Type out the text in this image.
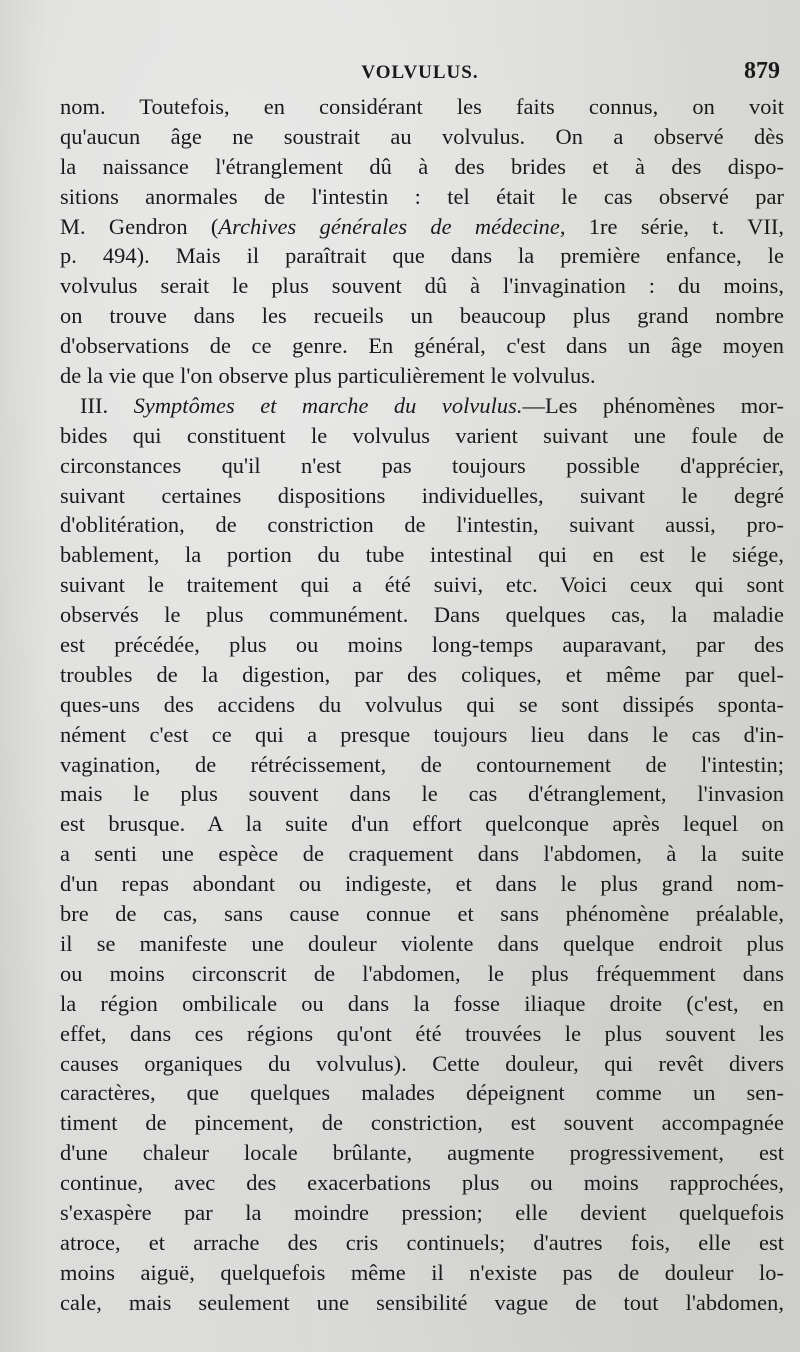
VOLVULUS.	879
nom. Toutefois, en considérant les faits connus, on voit
qu'aucun âge ne soustrait au volvulus. On a observé dès
la naissance l'étranglement dû à des brides et à des dispo-
sitions anormales de l'intestin : tel était le cas observé par
M. Gendron (Archives générales de médecine, 1re série, t. VII,
p. 494). Mais il paraîtrait que dans la première enfance, le
volvulus serait le plus souvent dû à l'invagination : du moins,
on trouve dans les recueils un beaucoup plus grand nombre
d'observations de ce genre. En général, c'est dans un âge moyen
de la vie que l'on observe plus particulièrement le volvulus.
III. Symptômes et marche du volvulus.—Les phénomènes mor-
bides qui constituent le volvulus varient suivant une foule de
circonstances qu'il n'est pas toujours possible d'apprécier,
suivant certaines dispositions individuelles, suivant le degré
d'oblitération, de constriction de l'intestin, suivant aussi, pro-
bablement, la portion du tube intestinal qui en est le siége,
suivant le traitement qui a été suivi, etc. Voici ceux qui sont
observés le plus communément. Dans quelques cas, la maladie
est précédée, plus ou moins long-temps auparavant, par des
troubles de la digestion, par des coliques, et même par quel-
ques-uns des accidens du volvulus qui se sont dissipés sponta-
nément c'est ce qui a presque toujours lieu dans le cas d'in-
vagination, de rétrécissement, de contournement de l'intestin;
mais le plus souvent dans le cas d'étranglement, l'invasion
est brusque. A la suite d'un effort quelconque après lequel on
a senti une espèce de craquement dans l'abdomen, à la suite
d'un repas abondant ou indigeste, et dans le plus grand nom-
bre de cas, sans cause connue et sans phénomène préalable,
il se manifeste une douleur violente dans quelque endroit plus
ou moins circonscrit de l'abdomen, le plus fréquemment dans
la région ombilicale ou dans la fosse iliaque droite (c'est, en
effet, dans ces régions qu'ont été trouvées le plus souvent les
causes organiques du volvulus). Cette douleur, qui revêt divers
caractères, que quelques malades dépeignent comme un sen-
timent de pincement, de constriction, est souvent accompagnée
d'une chaleur locale brûlante, augmente progressivement, est
continue, avec des exacerbations plus ou moins rapprochées,
s'exaspère par la moindre pression; elle devient quelquefois
atroce, et arrache des cris continuels; d'autres fois, elle est
moins aiguë, quelquefois même il n'existe pas de douleur lo-
cale, mais seulement une sensibilité vague de tout l'abdomen,
